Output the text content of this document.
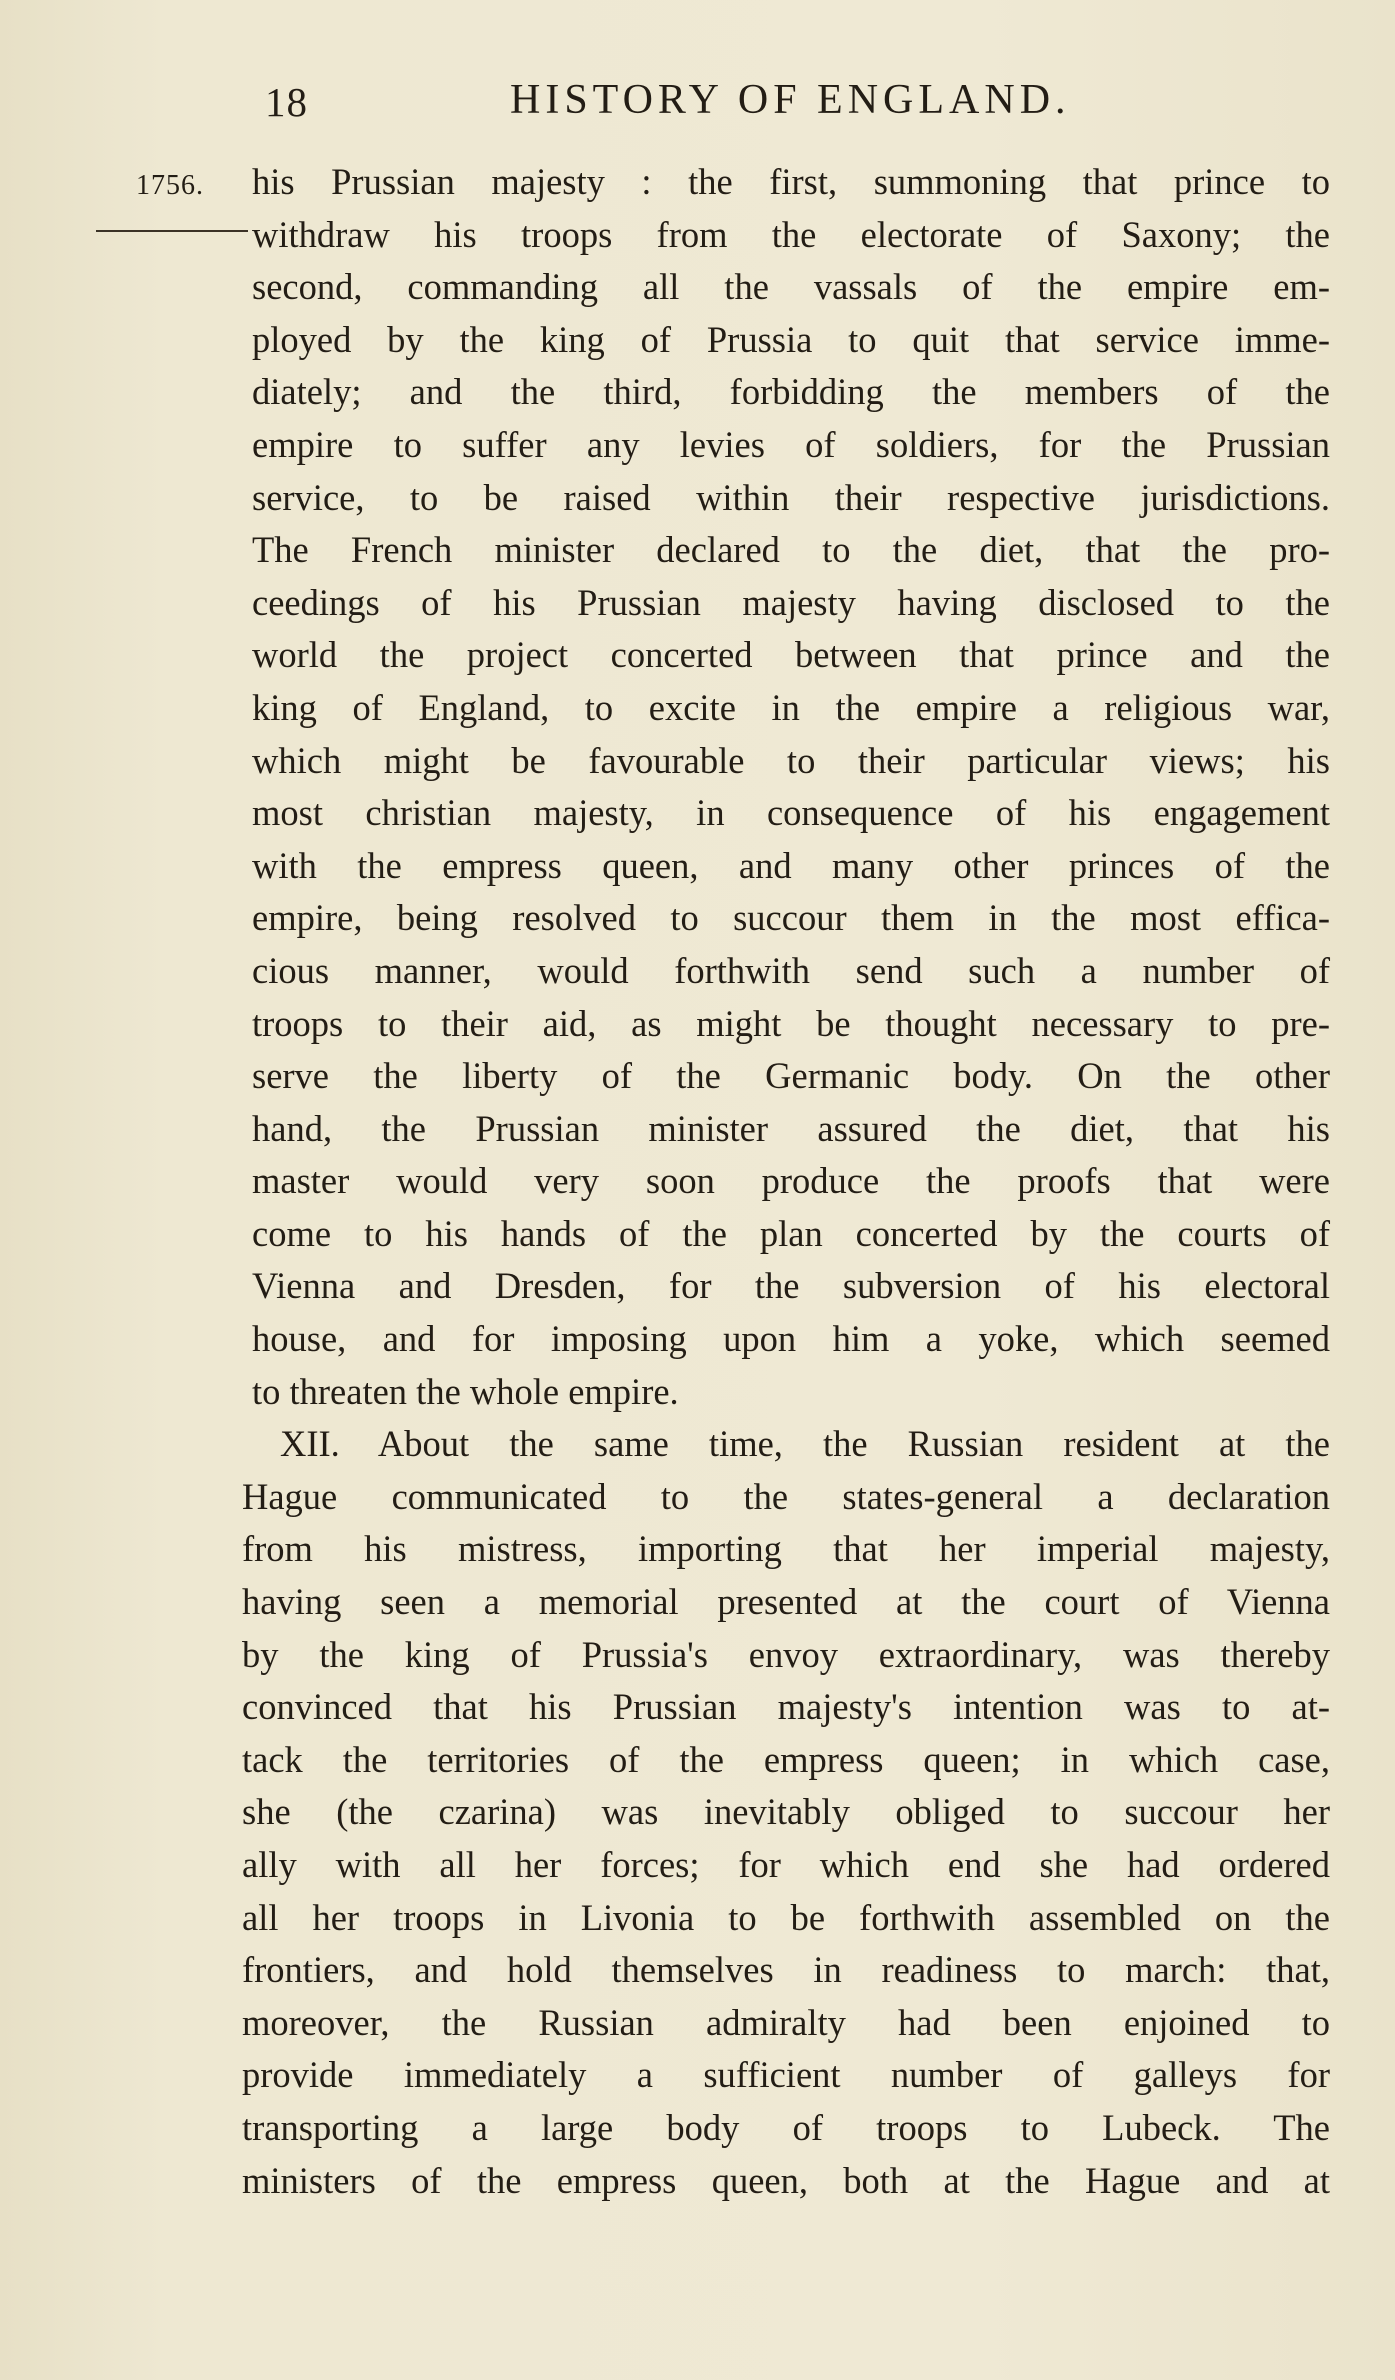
18	HISTORY OF ENGLAND.
1756. his Prussian majesty : the first, summoning that prince to
withdraw his troops from the electorate of Saxony; the
second, commanding all the vassals of the empire em-
ployed by the king of Prussia to quit that service imme-
diately; and the third, forbidding the members of the
empire to suffer any levies of soldiers, for the Prussian
service, to be raised within their respective jurisdictions.
The French minister declared to the diet, that the pro-
ceedings of his Prussian majesty having disclosed to the
world the project concerted between that prince and the
king of England, to excite in the empire a religious war,
which might be favourable to their particular views; his
most christian majesty, in consequence of his engagement
with the empress queen, and many other princes of the
empire, being resolved to succour them in the most effica-
cious manner, would forthwith send such a number of
troops to their aid, as might be thought necessary to pre-
serve the liberty of the Germanic body. On the other
hand, the Prussian minister assured the diet, that his
master would very soon produce the proofs that were
come to his hands of the plan concerted by the courts of
Vienna and Dresden, for the subversion of his electoral
house, and for imposing upon him a yoke, which seemed
to threaten the whole empire.
XII. About the same time, the Russian resident at the
Hague communicated to the states-general a declaration
from his mistress, importing that her imperial majesty,
having seen a memorial presented at the court of Vienna
by the king of Prussia's envoy extraordinary, was thereby
convinced that his Prussian majesty's intention was to at-
tack the territories of the empress queen; in which case,
she (the czarina) was inevitably obliged to succour her
ally with all her forces; for which end she had ordered
all her troops in Livonia to be forthwith assembled on the
frontiers, and hold themselves in readiness to march: that,
moreover, the Russian admiralty had been enjoined to
provide immediately a sufficient number of galleys for
transporting a large body of troops to Lubeck. The
ministers of the empress queen, both at the Hague and at
